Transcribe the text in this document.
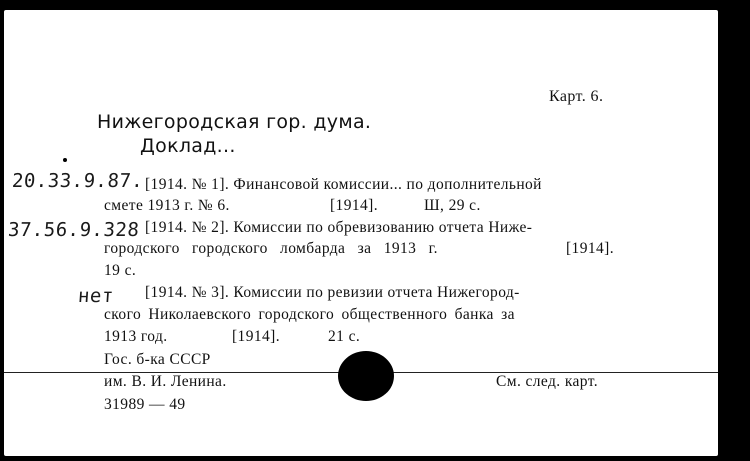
Карт. 6.
Нижегородская гор. дума.
Доклад...
20.33.9.87. [1914. № 1]. Финансовой комиссии... по дополнительной
смете 1913 г. № 6.	[1914].	Ш, 29 с.
37.56.9.328 [1914. № 2]. Комиссии по обревизованию отчета Ниже-
городского городского ломбарда за 1913 г.	[1914].
19 с.
нет [1914. № 3]. Комиссии по ревизии отчета Нижегород-
ского Николаевского городского общественного банка за
1913 год.	[1914].	21 с.
Гос. б-ка СССР
им. В. И. Ленина.
31989 — 49
См. след. карт.
